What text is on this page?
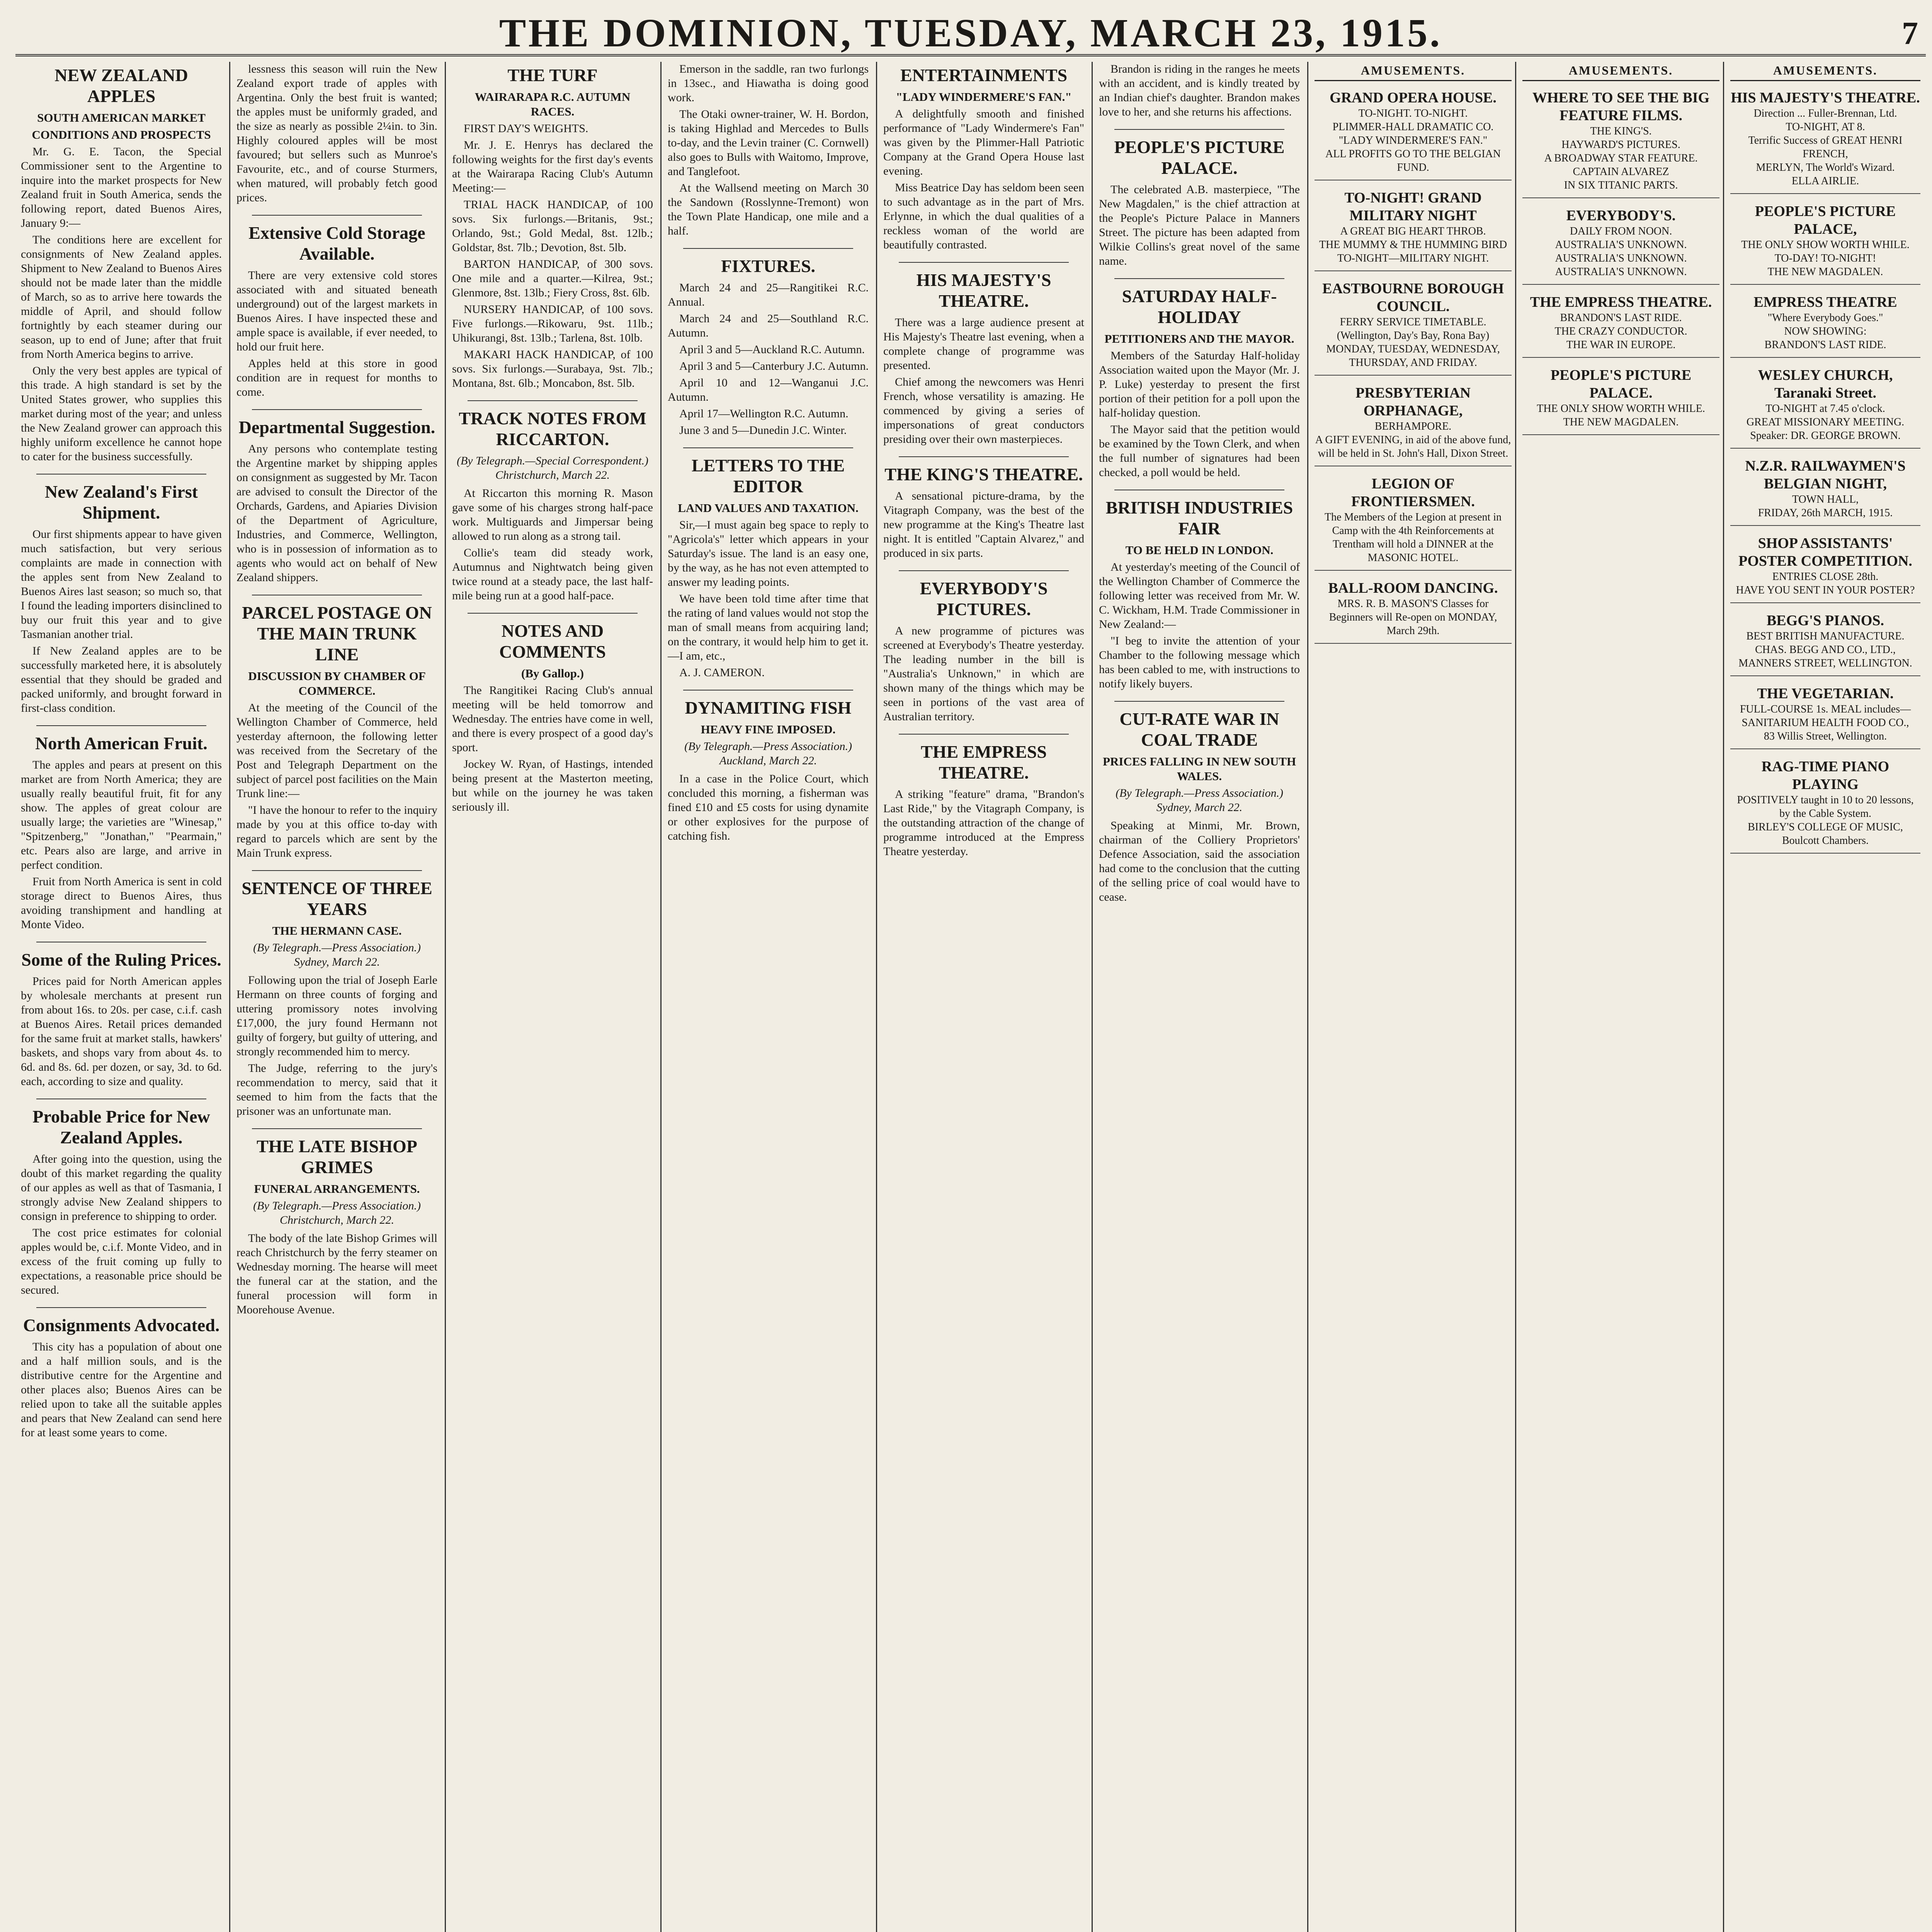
THE DOMINION, TUESDAY, MARCH 23, 1915.	7
NEW ZEALAND APPLES
SOUTH AMERICAN MARKET
CONDITIONS AND PROSPECTS

Mr. G. E. Tacon, the Special Commissioner sent to the Argentine to inquire into the market prospects for New Zealand fruit in South America, sends the following report, dated Buenos Aires, January 9:—

The conditions here are excellent for consignments of New Zealand apples. Shipment to New Zealand to Buenos Aires should not be made later than the middle of March, so as to arrive here towards the middle of April, and should follow fortnightly by each steamer during our season, up to end of June; after that fruit from North America begins to arrive.

Only the very best apples are typical of this trade. A high standard is set by the United States grower, who supplies this market during most of the year; and unless the New Zealand grower can approach this highly uniform excellence he cannot hope to cater for the business successfully.

New Zealand's First Shipment.

Our first shipments appear to have given much satisfaction, but very serious complaints are made in connection with the apples sent from New Zealand to Buenos Aires last season; so much so, that I found the leading importers disinclined to buy our fruit this year and to give Tasmanian another trial.

If New Zealand apples are to be successfully marketed here, it is absolutely essential that they should be graded and packed uniformly, and brought forward in first-class condition.

North American Fruit.

The apples and pears at present on this market are from North America; they are usually really beautiful fruit, fit for any show. The apples of great colour are usually large; the varieties are "Winesap," "Spitzenberg," "Jonathan," "Pearmain," etc. Pears also are large, and arrive in perfect condition.

Fruit from North America is sent in cold storage direct to Buenos Aires, thus avoiding transhipment and handling at Monte Video.

Some of the Ruling Prices.

Prices paid for North American apples by wholesale merchants at present run from about 16s. to 20s. per case, c.i.f. cash at Buenos Aires. Retail prices demanded for the same fruit at market stalls, hawkers' baskets, and shops vary from about 4s. to 6d. and 8s. 6d. per dozen, or say, 3d. to 6d. each, according to size and quality.

Probable Price for New Zealand Apples.

After going into the question, using the doubt of this market regarding the quality of our apples as well as that of Tasmania, I strongly advise New Zealand shippers to consign in preference to shipping to order.

The cost price estimates for colonial apples would be, c.i.f. Monte Video, and in excess of the fruit coming up fully to expectations, a reasonable price should be secured.

Consignments Advocated.

This city has a population of about one and a half million souls, and is the distributive centre for the Argentine and other places also; Buenos Aires can be relied upon to take all the suitable apples and pears that New Zealand can send here for at least some years to come.

lessness this season will ruin the New Zealand export trade of apples with Argentina. Only the best fruit is wanted; the apples must be uniformly graded, and the size as nearly as possible 2¼in. to 3in. Highly coloured apples will be most favoured; but sellers such as Munroe's Favourite, etc., and of course Sturmers, when matured, will probably fetch good prices.

Extensive Cold Storage Available.

There are very extensive cold stores associated with and situated beneath underground) out of the largest markets in Buenos Aires. I have inspected these and ample space is available, if ever needed, to hold our fruit here.

Apples held at this store in good condition are in request for months to come.

Departmental Suggestion.

Any persons who contemplate testing the Argentine market by shipping apples on consignment as suggested by Mr. Tacon are advised to consult the Director of the Orchards, Gardens, and Apiaries Division of the Department of Agriculture, Industries, and Commerce, Wellington, who is in possession of information as to agents who would act on behalf of New Zealand shippers.

PARCEL POSTAGE ON THE MAIN TRUNK LINE
DISCUSSION BY CHAMBER OF COMMERCE.

At the meeting of the Council of the Wellington Chamber of Commerce, held yesterday afternoon, the following letter was received from the Secretary of the Post and Telegraph Department on the subject of parcel post facilities on the Main Trunk line:—

"I have the honour to refer to the inquiry made by you at this office to-day with regard to parcels which are sent by the Main Trunk express.

SENTENCE OF THREE YEARS
THE HERMANN CASE.
(By Telegraph.—Press Association.) Sydney, March 22.

Following upon the trial of Joseph Earle Hermann on three counts of forging and uttering promissory notes involving £17,000, the jury found Hermann not guilty of forgery, but guilty of uttering, and strongly recommended him to mercy.

The Judge, referring to the jury's recommendation to mercy, said that it seemed to him from the facts that the prisoner was an unfortunate man.

THE LATE BISHOP GRIMES
FUNERAL ARRANGEMENTS.
(By Telegraph.—Press Association.) Christchurch, March 22.

The body of the late Bishop Grimes will reach Christchurch by the ferry steamer on Wednesday morning. The hearse will meet the funeral car at the station, and the funeral procession will form in Moorehouse Avenue.

THE TURF
WAIRARAPA R.C. AUTUMN RACES.

FIRST DAY'S WEIGHTS.

Mr. J. E. Henrys has declared the following weights for the first day's events at the Wairarapa Racing Club's Autumn Meeting:—

TRIAL HACK HANDICAP, of 100 sovs. Six furlongs.—Britanis, 9st.; Orlando, 9st.; Gold Medal, 8st. 12lb.; Goldstar, 8st. 7lb.; Devotion, 8st. 5lb.

BARTON HANDICAP, of 300 sovs. One mile and a quarter.—Kilrea, 9st.; Glenmore, 8st. 13lb.; Fiery Cross, 8st. 6lb.

NURSERY HANDICAP, of 100 sovs. Five furlongs.—Rikowaru, 9st. 11lb.; Uhikurangi, 8st. 13lb.; Tarlena, 8st. 10lb.

MAKARI HACK HANDICAP, of 100 sovs. Six furlongs.—Surabaya, 9st. 7lb.; Montana, 8st. 6lb.; Moncabon, 8st. 5lb.

TRACK NOTES FROM RICCARTON.
(By Telegraph.—Special Correspondent.) Christchurch, March 22.

At Riccarton this morning R. Mason gave some of his charges strong half-pace work. Multiguards and Jimpersar being allowed to run along as a strong tail.

Collie's team did steady work, Autumnus and Nightwatch being given twice round at a steady pace, the last half-mile being run at a good half-pace.

NOTES AND COMMENTS
(By Gallop.)

The Rangitikei Racing Club's annual meeting will be held tomorrow and Wednesday. The entries have come in well, and there is every prospect of a good day's sport.

Jockey W. Ryan, of Hastings, intended being present at the Masterton meeting, but while on the journey he was taken seriously ill.

Emerson in the saddle, ran two furlongs in 13sec., and Hiawatha is doing good work.

The Otaki owner-trainer, W. H. Bordon, is taking Highlad and Mercedes to Bulls to-day, and the Levin trainer (C. Cornwell) also goes to Bulls with Waitomo, Improve, and Tanglefoot.

At the Wallsend meeting on March 30 the Sandown (Rosslynne-Tremont) won the Town Plate Handicap, one mile and a half.

FIXTURES.

March 24 and 25—Rangitikei R.C. Annual.

March 24 and 25—Southland R.C. Autumn.

April 3 and 5—Auckland R.C. Autumn.

April 3 and 5—Canterbury J.C. Autumn.

April 10 and 12—Wanganui J.C. Autumn.

April 17—Wellington R.C. Autumn.

June 3 and 5—Dunedin J.C. Winter.

LETTERS TO THE EDITOR
LAND VALUES AND TAXATION.

Sir,—I must again beg space to reply to "Agricola's" letter which appears in your Saturday's issue. The land is an easy one, by the way, as he has not even attempted to answer my leading points.

We have been told time after time that the rating of land values would not stop the man of small means from acquiring land; on the contrary, it would help him to get it.—I am, etc.,

A. J. CAMERON.

DYNAMITING FISH
HEAVY FINE IMPOSED.
(By Telegraph.—Press Association.) Auckland, March 22.

In a case in the Police Court, which concluded this morning, a fisherman was fined £10 and £5 costs for using dynamite or other explosives for the purpose of catching fish.

ENTERTAINMENTS
"LADY WINDERMERE'S FAN."

A delightfully smooth and finished performance of "Lady Windermere's Fan" was given by the Plimmer-Hall Patriotic Company at the Grand Opera House last evening.

Miss Beatrice Day has seldom been seen to such advantage as in the part of Mrs. Erlynne, in which the dual qualities of a reckless woman of the world are beautifully contrasted.

HIS MAJESTY'S THEATRE.

There was a large audience present at His Majesty's Theatre last evening, when a complete change of programme was presented.

Chief among the newcomers was Henri French, whose versatility is amazing. He commenced by giving a series of impersonations of great conductors presiding over their own masterpieces.

THE KING'S THEATRE.

A sensational picture-drama, by the Vitagraph Company, was the best of the new programme at the King's Theatre last night. It is entitled "Captain Alvarez," and produced in six parts.

EVERYBODY'S PICTURES.

A new programme of pictures was screened at Everybody's Theatre yesterday. The leading number in the bill is "Australia's Unknown," in which are shown many of the things which may be seen in portions of the vast area of Australian territory.

THE EMPRESS THEATRE.

A striking "feature" drama, "Brandon's Last Ride," by the Vitagraph Company, is the outstanding attraction of the change of programme introduced at the Empress Theatre yesterday.

Brandon is riding in the ranges he meets with an accident, and is kindly treated by an Indian chief's daughter. Brandon makes love to her, and she returns his affections.

PEOPLE'S PICTURE PALACE.

The celebrated A.B. masterpiece, "The New Magdalen," is the chief attraction at the People's Picture Palace in Manners Street. The picture has been adapted from Wilkie Collins's great novel of the same name.

SATURDAY HALF-HOLIDAY
PETITIONERS AND THE MAYOR.

Members of the Saturday Half-holiday Association waited upon the Mayor (Mr. J. P. Luke) yesterday to present the first portion of their petition for a poll upon the half-holiday question.

The Mayor said that the petition would be examined by the Town Clerk, and when the full number of signatures had been checked, a poll would be held.

BRITISH INDUSTRIES FAIR
TO BE HELD IN LONDON.

At yesterday's meeting of the Council of the Wellington Chamber of Commerce the following letter was received from Mr. W. C. Wickham, H.M. Trade Commissioner in New Zealand:—

"I beg to invite the attention of your Chamber to the following message which has been cabled to me, with instructions to notify likely buyers.

CUT-RATE WAR IN COAL TRADE
PRICES FALLING IN NEW SOUTH WALES.
(By Telegraph.—Press Association.) Sydney, March 22.

Speaking at Minmi, Mr. Brown, chairman of the Colliery Proprietors' Defence Association, said the association had come to the conclusion that the cutting of the selling price of coal would have to cease.

AMUSEMENTS.
GRAND OPERA HOUSE.
TO-NIGHT. TO-NIGHT.
PLIMMER-HALL DRAMATIC CO.
"LADY WINDERMERE'S FAN."
ALL PROFITS GO TO THE BELGIAN FUND.
TO-NIGHT! GRAND MILITARY NIGHT
A GREAT BIG HEART THROB.
THE MUMMY & THE HUMMING BIRD
TO-NIGHT—MILITARY NIGHT.
EASTBOURNE BOROUGH COUNCIL.
FERRY SERVICE TIMETABLE.
(Wellington, Day's Bay, Rona Bay)
MONDAY, TUESDAY, WEDNESDAY, THURSDAY, AND FRIDAY.
PRESBYTERIAN ORPHANAGE,
BERHAMPORE.
A GIFT EVENING, in aid of the above fund, will be held in St. John's Hall, Dixon Street.
LEGION OF FRONTIERSMEN.
The Members of the Legion at present in Camp with the 4th Reinforcements at Trentham will hold a DINNER at the MASONIC HOTEL.
BALL-ROOM DANCING.
MRS. R. B. MASON'S Classes for Beginners will Re-open on MONDAY, March 29th.
AMUSEMENTS.
WHERE TO SEE THE BIG FEATURE FILMS.
THE KING'S.
HAYWARD'S PICTURES.
A BROADWAY STAR FEATURE.
CAPTAIN ALVAREZ
IN SIX TITANIC PARTS.
EVERYBODY'S.
DAILY FROM NOON.
AUSTRALIA'S UNKNOWN.
AUSTRALIA'S UNKNOWN.
AUSTRALIA'S UNKNOWN.
THE EMPRESS THEATRE.
BRANDON'S LAST RIDE.
THE CRAZY CONDUCTOR.
THE WAR IN EUROPE.
PEOPLE'S PICTURE PALACE.
THE ONLY SHOW WORTH WHILE.
THE NEW MAGDALEN.
AMUSEMENTS.
HIS MAJESTY'S THEATRE.
Direction ... Fuller-Brennan, Ltd.
TO-NIGHT, AT 8.
Terrific Success of GREAT HENRI FRENCH,
MERLYN, The World's Wizard.
ELLA AIRLIE.
PEOPLE'S PICTURE PALACE,
THE ONLY SHOW WORTH WHILE.
TO-DAY! TO-NIGHT!
THE NEW MAGDALEN.
EMPRESS THEATRE
"Where Everybody Goes."
NOW SHOWING:
BRANDON'S LAST RIDE.
WESLEY CHURCH, Taranaki Street.
TO-NIGHT at 7.45 o'clock.
GREAT MISSIONARY MEETING.
Speaker: DR. GEORGE BROWN.
N.Z.R. RAILWAYMEN'S BELGIAN NIGHT,
TOWN HALL,
FRIDAY, 26th MARCH, 1915.
SHOP ASSISTANTS' POSTER COMPETITION.
ENTRIES CLOSE 28th.
HAVE YOU SENT IN YOUR POSTER?
BEGG'S PIANOS.
BEST BRITISH MANUFACTURE.
CHAS. BEGG AND CO., LTD.,
MANNERS STREET, WELLINGTON.
THE VEGETARIAN.
FULL-COURSE 1s. MEAL includes—
SANITARIUM HEALTH FOOD CO.,
83 Willis Street, Wellington.
RAG-TIME PIANO PLAYING
POSITIVELY taught in 10 to 20 lessons, by the Cable System.
BIRLEY'S COLLEGE OF MUSIC,
Boulcott Chambers.
